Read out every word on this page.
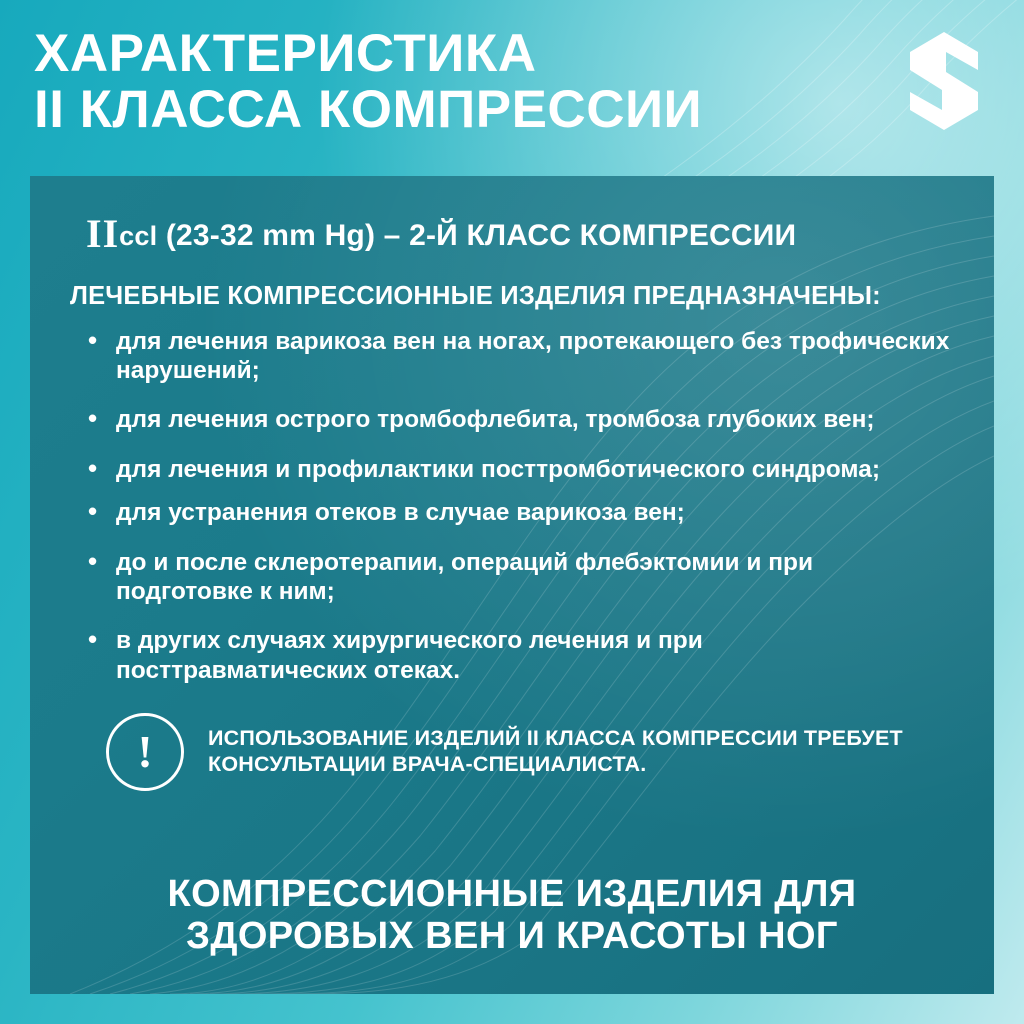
ХАРАКТЕРИСТИКА
II КЛАССА КОМПРЕССИИ
IIccl (23-32 mm Hg) – 2-Й КЛАСС КОМПРЕССИИ

ЛЕЧЕБНЫЕ КОМПРЕССИОННЫЕ ИЗДЕЛИЯ ПРЕДНАЗНАЧЕНЫ:

• для лечения варикоза вен на ногах, протекающего без трофических нарушений;
• для лечения острого тромбофлебита, тромбоза глубоких вен;
• для лечения и профилактики посттромботического синдрома;
• для устранения отеков в случае варикоза вен;
• до и после склеротерапии, операций флебэктомии и при подготовке к ним;
• в других случаях хирургического лечения и при посттравматических отеках.
!	ИСПОЛЬЗОВАНИЕ ИЗДЕЛИЙ II КЛАССА КОМПРЕССИИ ТРЕБУЕТ КОНСУЛЬТАЦИИ ВРАЧА-СПЕЦИАЛИСТА.
КОМПРЕССИОННЫЕ ИЗДЕЛИЯ ДЛЯ
ЗДОРОВЫХ ВЕН И КРАСОТЫ НОГ
